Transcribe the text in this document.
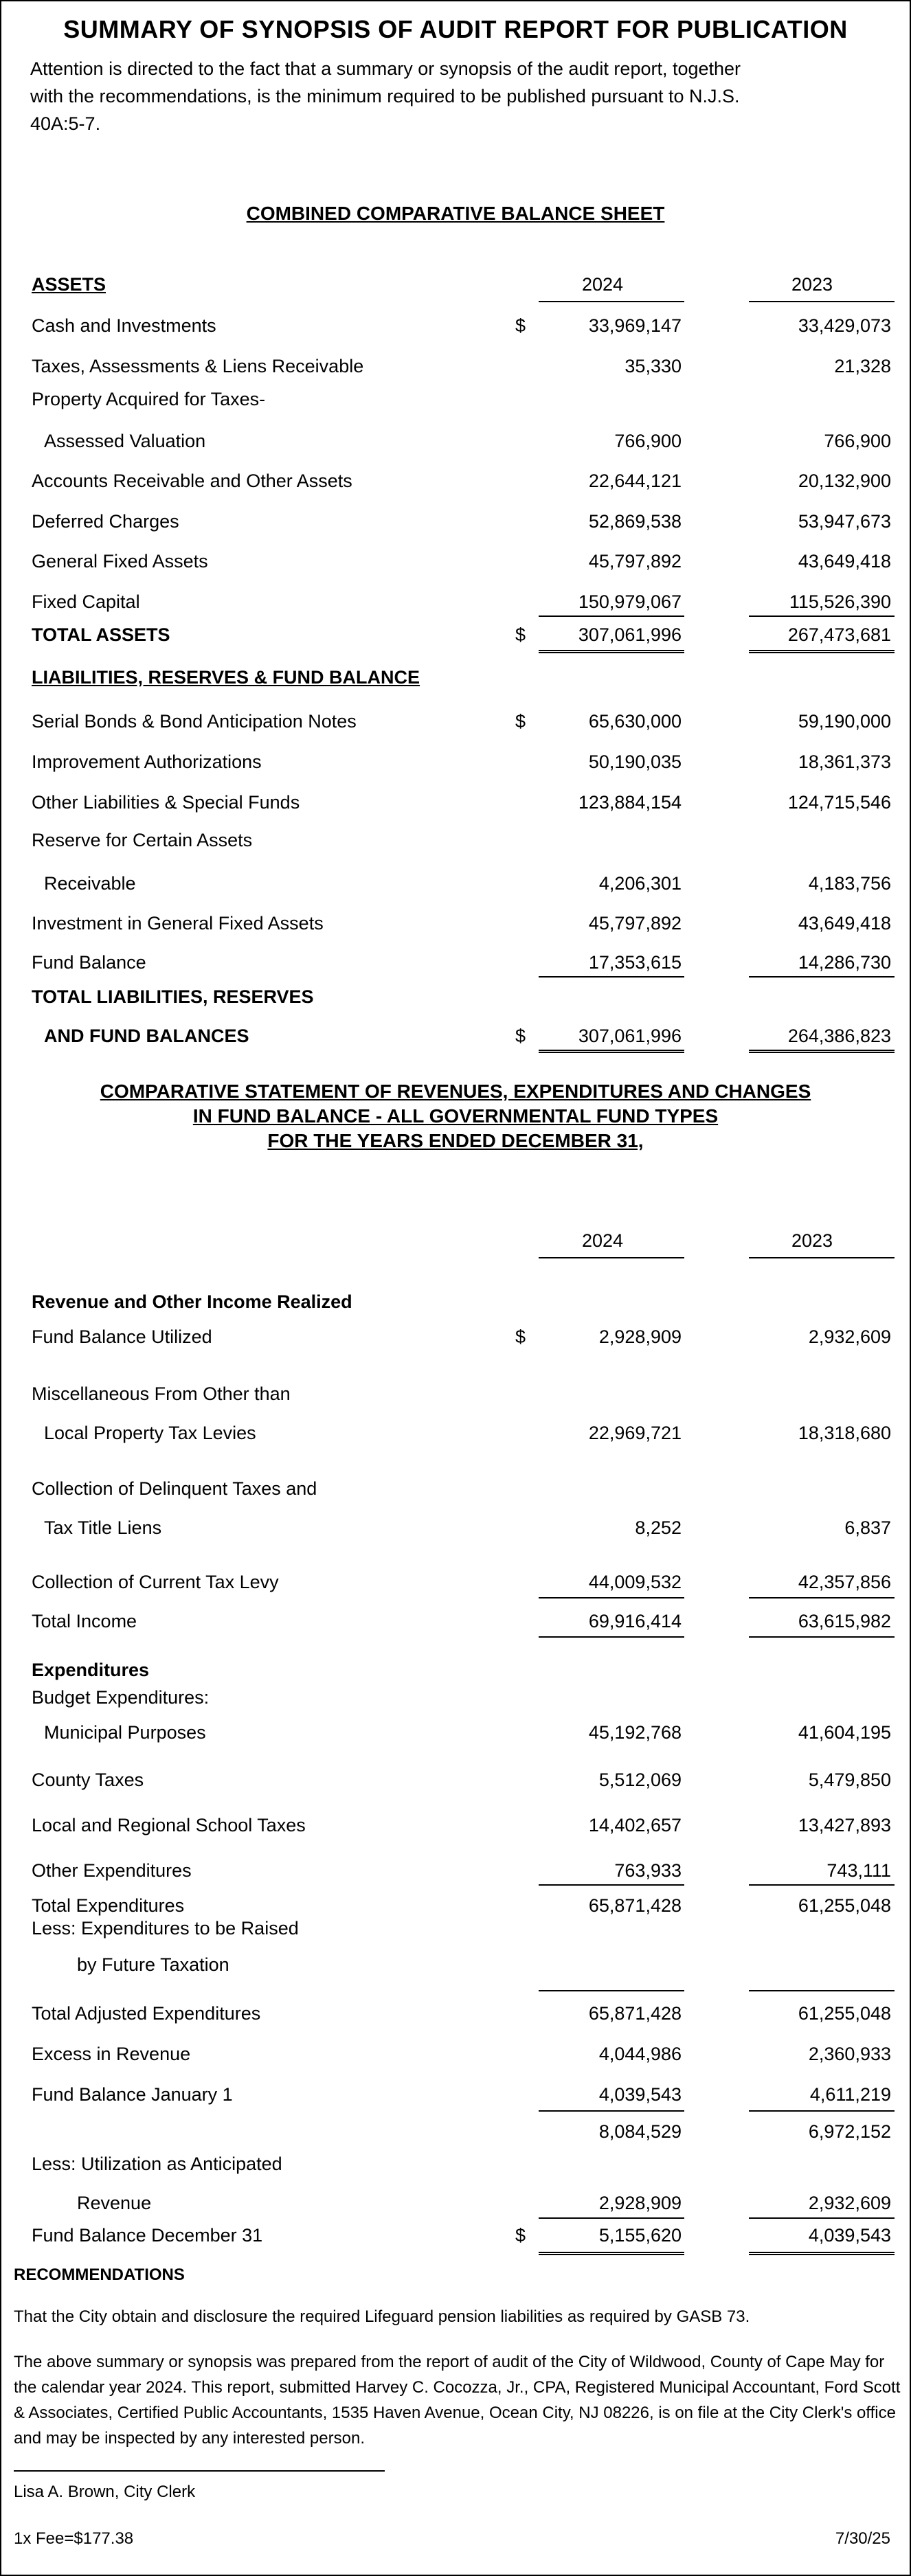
SUMMARY OF SYNOPSIS OF AUDIT REPORT FOR PUBLICATION
Attention is directed to the fact that a summary or synopsis of the audit report, together with the recommendations, is the minimum required to be published pursuant to N.J.S. 40A:5-7.
COMBINED COMPARATIVE BALANCE SHEET
ASSETS	2024	2023
Cash and Investments	$	33,969,147	33,429,073
Taxes, Assessments & Liens Receivable	35,330	21,328
Property Acquired for Taxes-
Assessed Valuation	766,900	766,900
Accounts Receivable and Other Assets	22,644,121	20,132,900
Deferred Charges	52,869,538	53,947,673
General Fixed Assets	45,797,892	43,649,418
Fixed Capital	150,979,067	115,526,390
TOTAL ASSETS	$	307,061,996	267,473,681
LIABILITIES, RESERVES & FUND BALANCE
Serial Bonds & Bond Anticipation Notes	$	65,630,000	59,190,000
Improvement Authorizations	50,190,035	18,361,373
Other Liabilities & Special Funds	123,884,154	124,715,546
Reserve for Certain Assets
Receivable	4,206,301	4,183,756
Investment in General Fixed Assets	45,797,892	43,649,418
Fund Balance	17,353,615	14,286,730
TOTAL LIABILITIES, RESERVES
AND FUND BALANCES	$	307,061,996	264,386,823
COMPARATIVE STATEMENT OF REVENUES, EXPENDITURES AND CHANGES
IN FUND BALANCE - ALL GOVERNMENTAL FUND TYPES
FOR THE YEARS ENDED DECEMBER 31,
2024	2023
Revenue and Other Income Realized
Fund Balance Utilized	$	2,928,909	2,932,609
Miscellaneous From Other than
Local Property Tax Levies	22,969,721	18,318,680
Collection of Delinquent Taxes and
Tax Title Liens	8,252	6,837
Collection of Current Tax Levy	44,009,532	42,357,856
Total Income	69,916,414	63,615,982
Expenditures
Budget Expenditures:
Municipal Purposes	45,192,768	41,604,195
County Taxes	5,512,069	5,479,850
Local and Regional School Taxes	14,402,657	13,427,893
Other Expenditures	763,933	743,111
Total Expenditures	65,871,428	61,255,048
Less: Expenditures to be Raised
by Future Taxation
Total Adjusted Expenditures	65,871,428	61,255,048
Excess in Revenue	4,044,986	2,360,933
Fund Balance January 1	4,039,543	4,611,219
8,084,529	6,972,152
Less: Utilization as Anticipated
Revenue	2,928,909	2,932,609
Fund Balance December 31	$	5,155,620	4,039,543
RECOMMENDATIONS
That the City obtain and disclosure the required Lifeguard pension liabilities as required by GASB 73.
The above summary or synopsis was prepared from the report of audit of the City of Wildwood, County of Cape May for the calendar year 2024. This report, submitted Harvey C. Cocozza, Jr., CPA, Registered Municipal Accountant, Ford Scott & Associates, Certified Public Accountants, 1535 Haven Avenue, Ocean City, NJ 08226, is on file at the City Clerk's office and may be inspected by any interested person.
Lisa A. Brown, City Clerk
1x Fee=$177.38	7/30/25
